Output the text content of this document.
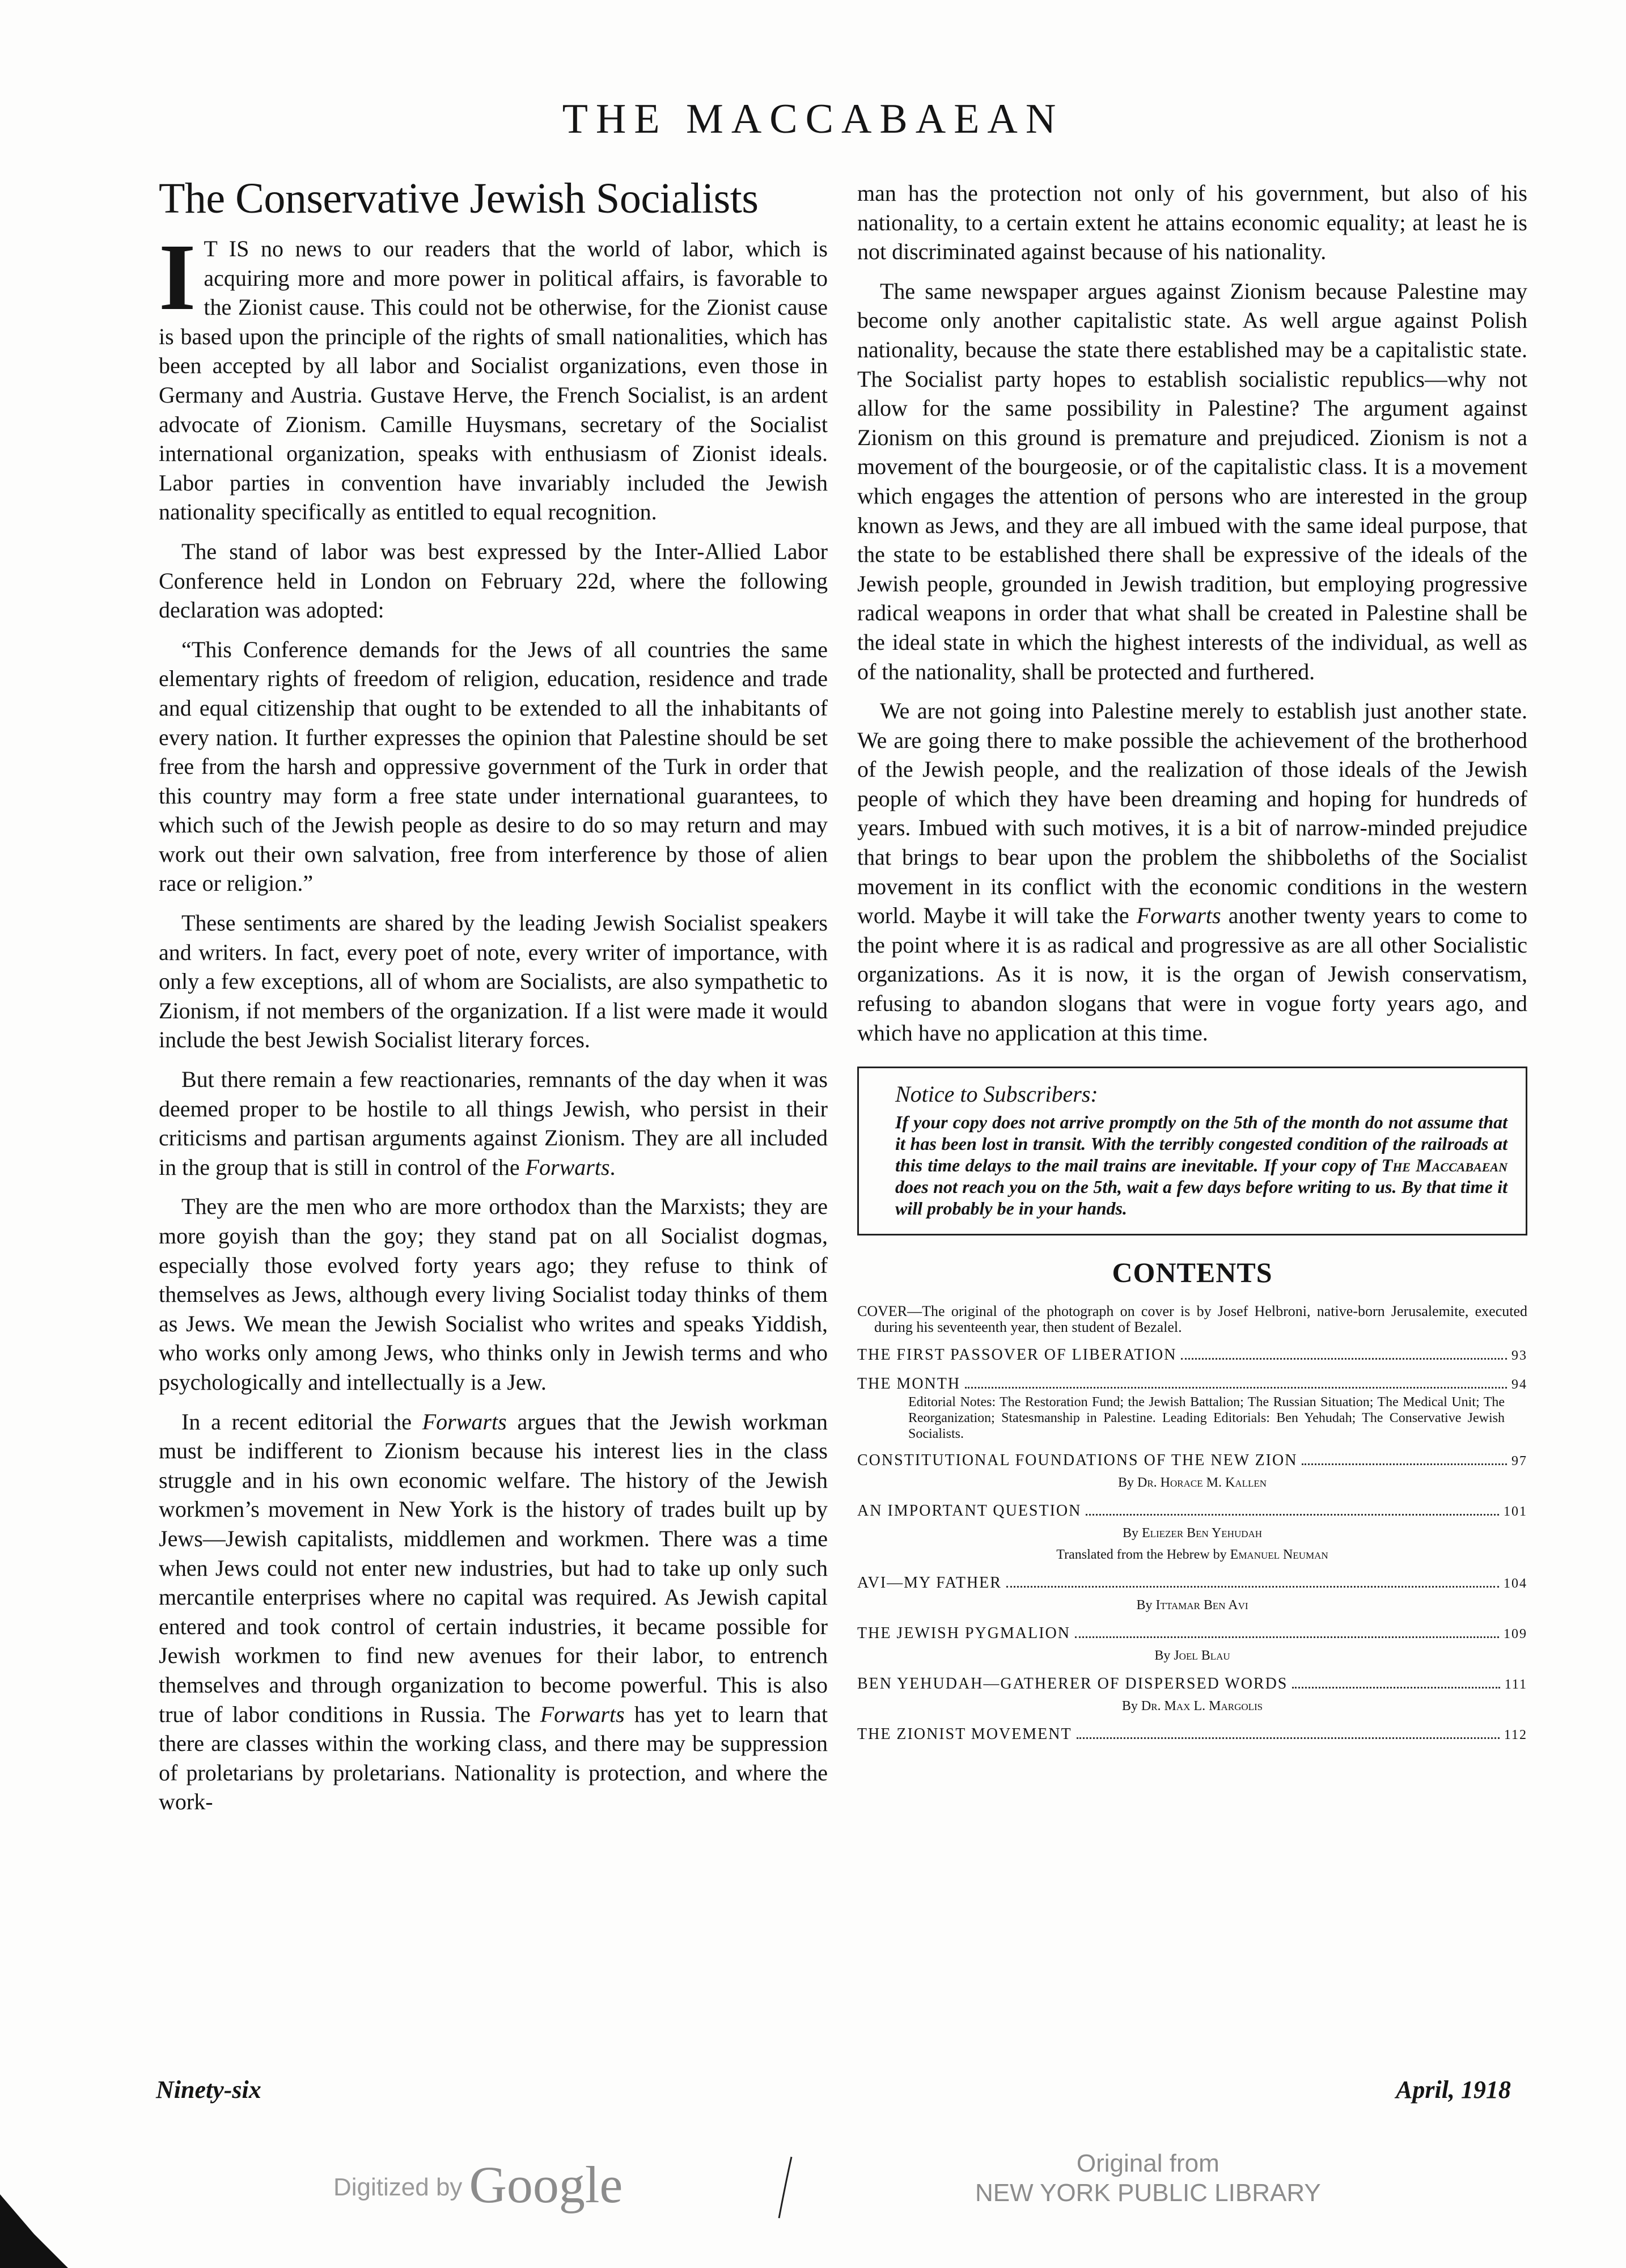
THE MACCABAEAN
The Conservative Jewish Socialists

I T IS no news to our readers that the world of labor, which is acquiring more and more power in political affairs, is favorable to the Zionist cause. This could not be otherwise, for the Zionist cause is based upon the principle of the rights of small nationalities, which has been accepted by all labor and Socialist organizations, even those in Germany and Austria. Gustave Herve, the French Socialist, is an ardent advocate of Zionism. Camille Huysmans, secretary of the Socialist international organization, speaks with enthusiasm of Zionist ideals. Labor parties in convention have invariably included the Jewish nationality specifically as entitled to equal recognition.

The stand of labor was best expressed by the Inter-Allied Labor Conference held in London on February 22d, where the following declaration was adopted:

“This Conference demands for the Jews of all countries the same elementary rights of freedom of religion, education, residence and trade and equal citizenship that ought to be extended to all the inhabitants of every nation. It further expresses the opinion that Palestine should be set free from the harsh and oppressive government of the Turk in order that this country may form a free state under international guarantees, to which such of the Jewish people as desire to do so may return and may work out their own salvation, free from interference by those of alien race or religion.”

These sentiments are shared by the leading Jewish Socialist speakers and writers. In fact, every poet of note, every writer of importance, with only a few exceptions, all of whom are Socialists, are also sympathetic to Zionism, if not members of the organization. If a list were made it would include the best Jewish Socialist literary forces.

But there remain a few reactionaries, remnants of the day when it was deemed proper to be hostile to all things Jewish, who persist in their criticisms and partisan arguments against Zionism. They are all included in the group that is still in control of the Forwarts.

They are the men who are more orthodox than the Marxists; they are more goyish than the goy; they stand pat on all Socialist dogmas, especially those evolved forty years ago; they refuse to think of themselves as Jews, although every living Socialist today thinks of them as Jews. We mean the Jewish Socialist who writes and speaks Yiddish, who works only among Jews, who thinks only in Jewish terms and who psychologically and intellectually is a Jew.

In a recent editorial the Forwarts argues that the Jewish workman must be indifferent to Zionism because his interest lies in the class struggle and in his own economic welfare. The history of the Jewish workmen’s movement in New York is the history of trades built up by Jews—Jewish capitalists, middlemen and workmen. There was a time when Jews could not enter new industries, but had to take up only such mercantile enterprises where no capital was required. As Jewish capital entered and took control of certain industries, it became possible for Jewish workmen to find new avenues for their labor, to entrench themselves and through organization to become powerful. This is also true of labor conditions in Russia. The Forwarts has yet to learn that there are classes within the working class, and there may be suppression of proletarians by proletarians. Nationality is protection, and where the work-

man has the protection not only of his government, but also of his nationality, to a certain extent he attains economic equality; at least he is not discriminated against because of his nationality.

The same newspaper argues against Zionism because Palestine may become only another capitalistic state. As well argue against Polish nationality, because the state there established may be a capitalistic state. The Socialist party hopes to establish socialistic republics—why not allow for the same possibility in Palestine? The argument against Zionism on this ground is premature and prejudiced. Zionism is not a movement of the bourgeosie, or of the capitalistic class. It is a movement which engages the attention of persons who are interested in the group known as Jews, and they are all imbued with the same ideal purpose, that the state to be established there shall be expressive of the ideals of the Jewish people, grounded in Jewish tradition, but employing progressive radical weapons in order that what shall be created in Palestine shall be the ideal state in which the highest interests of the individual, as well as of the nationality, shall be protected and furthered.

We are not going into Palestine merely to establish just another state. We are going there to make possible the achievement of the brotherhood of the Jewish people, and the realization of those ideals of the Jewish people of which they have been dreaming and hoping for hundreds of years. Imbued with such motives, it is a bit of narrow-minded prejudice that brings to bear upon the problem the shibboleths of the Socialist movement in its conflict with the economic conditions in the western world. Maybe it will take the Forwarts another twenty years to come to the point where it is as radical and progressive as are all other Socialistic organizations. As it is now, it is the organ of Jewish conservatism, refusing to abandon slogans that were in vogue forty years ago, and which have no application at this time.

Notice to Subscribers:
If your copy does not arrive promptly on the 5th of the month do not assume that it has been lost in transit. With the terribly congested condition of the railroads at this time delays to the mail trains are inevitable. If your copy of The Maccabaean does not reach you on the 5th, wait a few days before writing to us. By that time it will probably be in your hands.
CONTENTS
COVER—The original of the photograph on cover is by Josef Helbroni, native-born Jerusalemite, executed during his seventeenth year, then student of Bezalel.
THE FIRST PASSOVER OF LIBERATION	93
THE MONTH	94
Editorial Notes: The Restoration Fund; the Jewish Battalion; The Russian Situation; The Medical Unit; The Reorganization; Statesmanship in Palestine. Leading Editorials: Ben Yehudah; The Conservative Jewish Socialists.
CONSTITUTIONAL FOUNDATIONS OF THE NEW ZION	97
By Dr. Horace M. Kallen
AN IMPORTANT QUESTION	101
By Eliezer Ben Yehudah
Translated from the Hebrew by Emanuel Neuman
AVI—MY FATHER	104
By Ittamar Ben Avi
THE JEWISH PYGMALION	109
By Joel Blau
BEN YEHUDAH—GATHERER OF DISPERSED WORDS	111
By Dr. Max L. Margolis
THE ZIONIST MOVEMENT	112
Ninety-six	April, 1918
Digitized by Google	Original from
NEW YORK PUBLIC LIBRARY
